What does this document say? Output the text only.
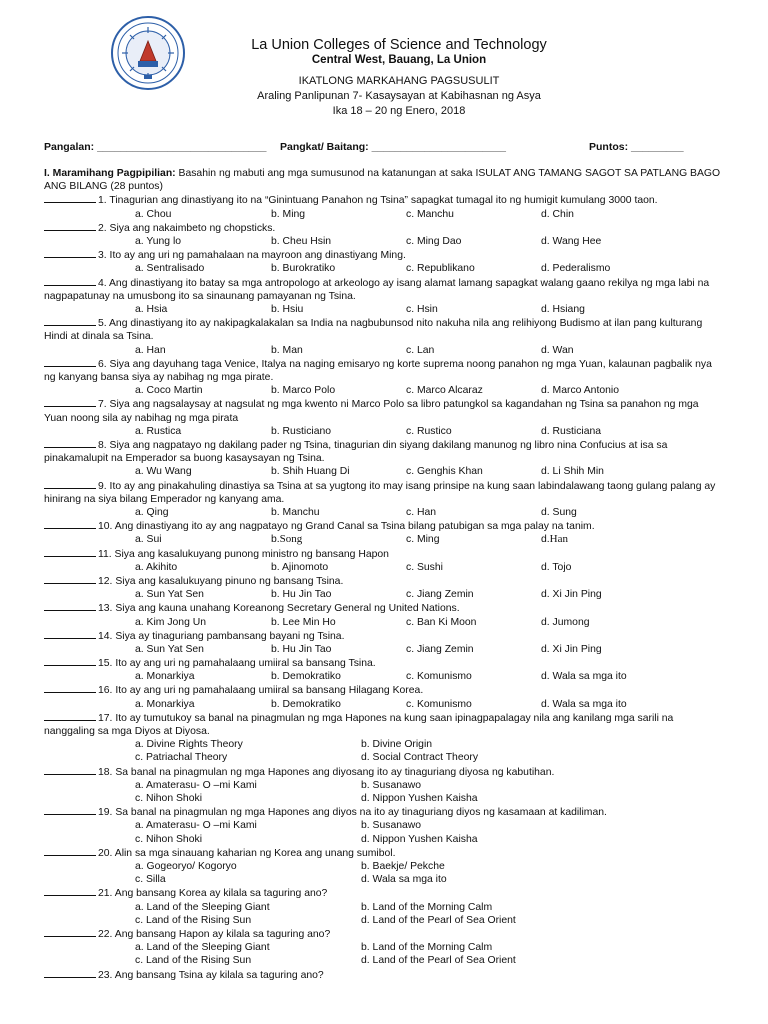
La Union Colleges of Science and Technology
Central West, Bauang, La Union
IKATLONG MARKAHANG PAGSUSULIT
Araling Panlipunan 7- Kasaysayan at Kabihasnan ng Asya
Ika 18 – 20 ng Enero, 2018
Pangalan: _____________________________ Pangkat/ Baitang: _______________________	Puntos: _________

I. Maramihang Pagpipilian: Basahin ng mabuti ang mga sumusunod na katanungan at saka ISULAT ANG TAMANG SAGOT SA PATLANG BAGO ANG BILANG (28 puntos)

1. Tinagurian ang dinastiyang ito na “Ginintuang Panahon ng Tsina” sapagkat tumagal ito ng humigit kumulang 3000 taon.

a. Chou	b. Ming	c. Manchu	d. Chin

2. Siya ang nakaimbeto ng chopsticks.

a. Yung lo	b. Cheu Hsin	c. Ming Dao	d. Wang Hee

3. Ito ay ang uri ng pamahalaan na mayroon ang dinastiyang Ming.

a. Sentralisado	b. Burokratiko	c. Republikano	d. Pederalismo

4. Ang dinastiyang ito batay sa mga antropologo at arkeologo ay isang alamat lamang sapagkat walang gaano rekilya ng mga labi na nagpapatunay na umusbong ito sa sinaunang pamayanan ng Tsina.

a. Hsia	b. Hsiu	c. Hsin	d. Hsiang

5. Ang dinastiyang ito ay nakipagkalakalan sa India na nagbubunsod nito nakuha nila ang relihiyong Budismo at ilan pang kulturang Hindi at dinala sa Tsina.

a. Han	b. Man	c. Lan	d. Wan

6. Siya ang dayuhang taga Venice, Italya na naging emisaryo ng korte suprema noong panahon ng mga Yuan, kalaunan pagbalik nya ng kanyang bansa siya ay nabihag ng mga pirate.

a. Coco Martin	b. Marco Polo	c. Marco Alcaraz	d. Marco Antonio

7. Siya ang nagsalaysay at nagsulat ng mga kwento ni Marco Polo sa libro patungkol sa kagandahan ng Tsina sa panahon ng mga Yuan noong sila ay nabihag ng mga pirata

a. Rustica	b. Rusticiano	c. Rustico	d. Rusticiana

8. Siya ang nagpatayo ng dakilang pader ng Tsina, tinagurian din siyang dakilang manunog ng libro nina Confucius at isa sa pinakamalupit na Emperador sa buong kasaysayan ng Tsina.

a. Wu Wang	b. Shih Huang Di	c. Genghis Khan	d. Li Shih Min

9. Ito ay ang pinakahuling dinastiya sa Tsina at sa yugtong ito may isang prinsipe na kung saan labindalawang taong gulang palang ay hinirang na siya bilang Emperador ng kanyang ama.

a. Qing	b. Manchu	c. Han	d. Sung

10. Ang dinastiyang ito ay ang nagpatayo ng Grand Canal sa Tsina bilang patubigan sa mga palay na tanim.

a. Sui	b. Song	c. Ming	d. Han

11. Siya ang kasalukuyang punong ministro ng bansang Hapon

a. Akihito	b. Ajinomoto	c. Sushi	d. Tojo

12. Siya ang kasalukuyang pinuno ng bansang Tsina.

a. Sun Yat Sen	b. Hu Jin Tao	c. Jiang Zemin	d. Xi Jin Ping

13. Siya ang kauna unahang Koreanong Secretary General ng United Nations.

a. Kim Jong Un	b. Lee Min Ho	c. Ban Ki Moon	d. Jumong

14. Siya ay tinaguriang pambansang bayani ng Tsina.

a. Sun Yat Sen	b. Hu Jin Tao	c. Jiang Zemin	d. Xi Jin Ping

15. Ito ay ang uri ng pamahalaang umiiral sa bansang Tsina.

a. Monarkiya	b. Demokratiko	c. Komunismo	d. Wala sa mga ito

16. Ito ay ang uri ng pamahalaang umiiral sa bansang Hilagang Korea.

a. Monarkiya	b. Demokratiko	c. Komunismo	d. Wala sa mga ito

17. Ito ay tumutukoy sa banal na pinagmulan ng mga Hapones na kung saan ipinagpapalagay nila ang kanilang mga sarili na nanggaling sa mga Diyos at Diyosa.

a. Divine Rights Theory	b. Divine Origin
c. Patriachal Theory	d. Social Contract Theory

18. Sa banal na pinagmulan ng mga Hapones ang diyosang ito ay tinaguriang diyosa ng kabutihan.

a. Amaterasu- O –mi Kami	b. Susanawo
c. Nihon Shoki	d. Nippon Yushen Kaisha

19. Sa banal na pinagmulan ng mga Hapones ang diyos na ito ay tinaguriang diyos ng kasamaan at kadiliman.

a. Amaterasu- O –mi Kami	b. Susanawo
c. Nihon Shoki	d. Nippon Yushen Kaisha

20. Alin sa mga sinauang kaharian ng Korea ang unang sumibol.

a. Gogeoryo/ Kogoryo	b. Baekje/ Pekche
c. Silla	d. Wala sa mga ito

21. Ang bansang Korea ay kilala sa taguring ano?

a. Land of the Sleeping Giant	b. Land of the Morning Calm
c. Land of the Rising Sun	d. Land of the Pearl of Sea Orient

22. Ang bansang Hapon ay kilala sa taguring ano?

a. Land of the Sleeping Giant	b. Land of the Morning Calm
c. Land of the Rising Sun	d. Land of the Pearl of Sea Orient

23. Ang bansang Tsina ay kilala sa taguring ano?
